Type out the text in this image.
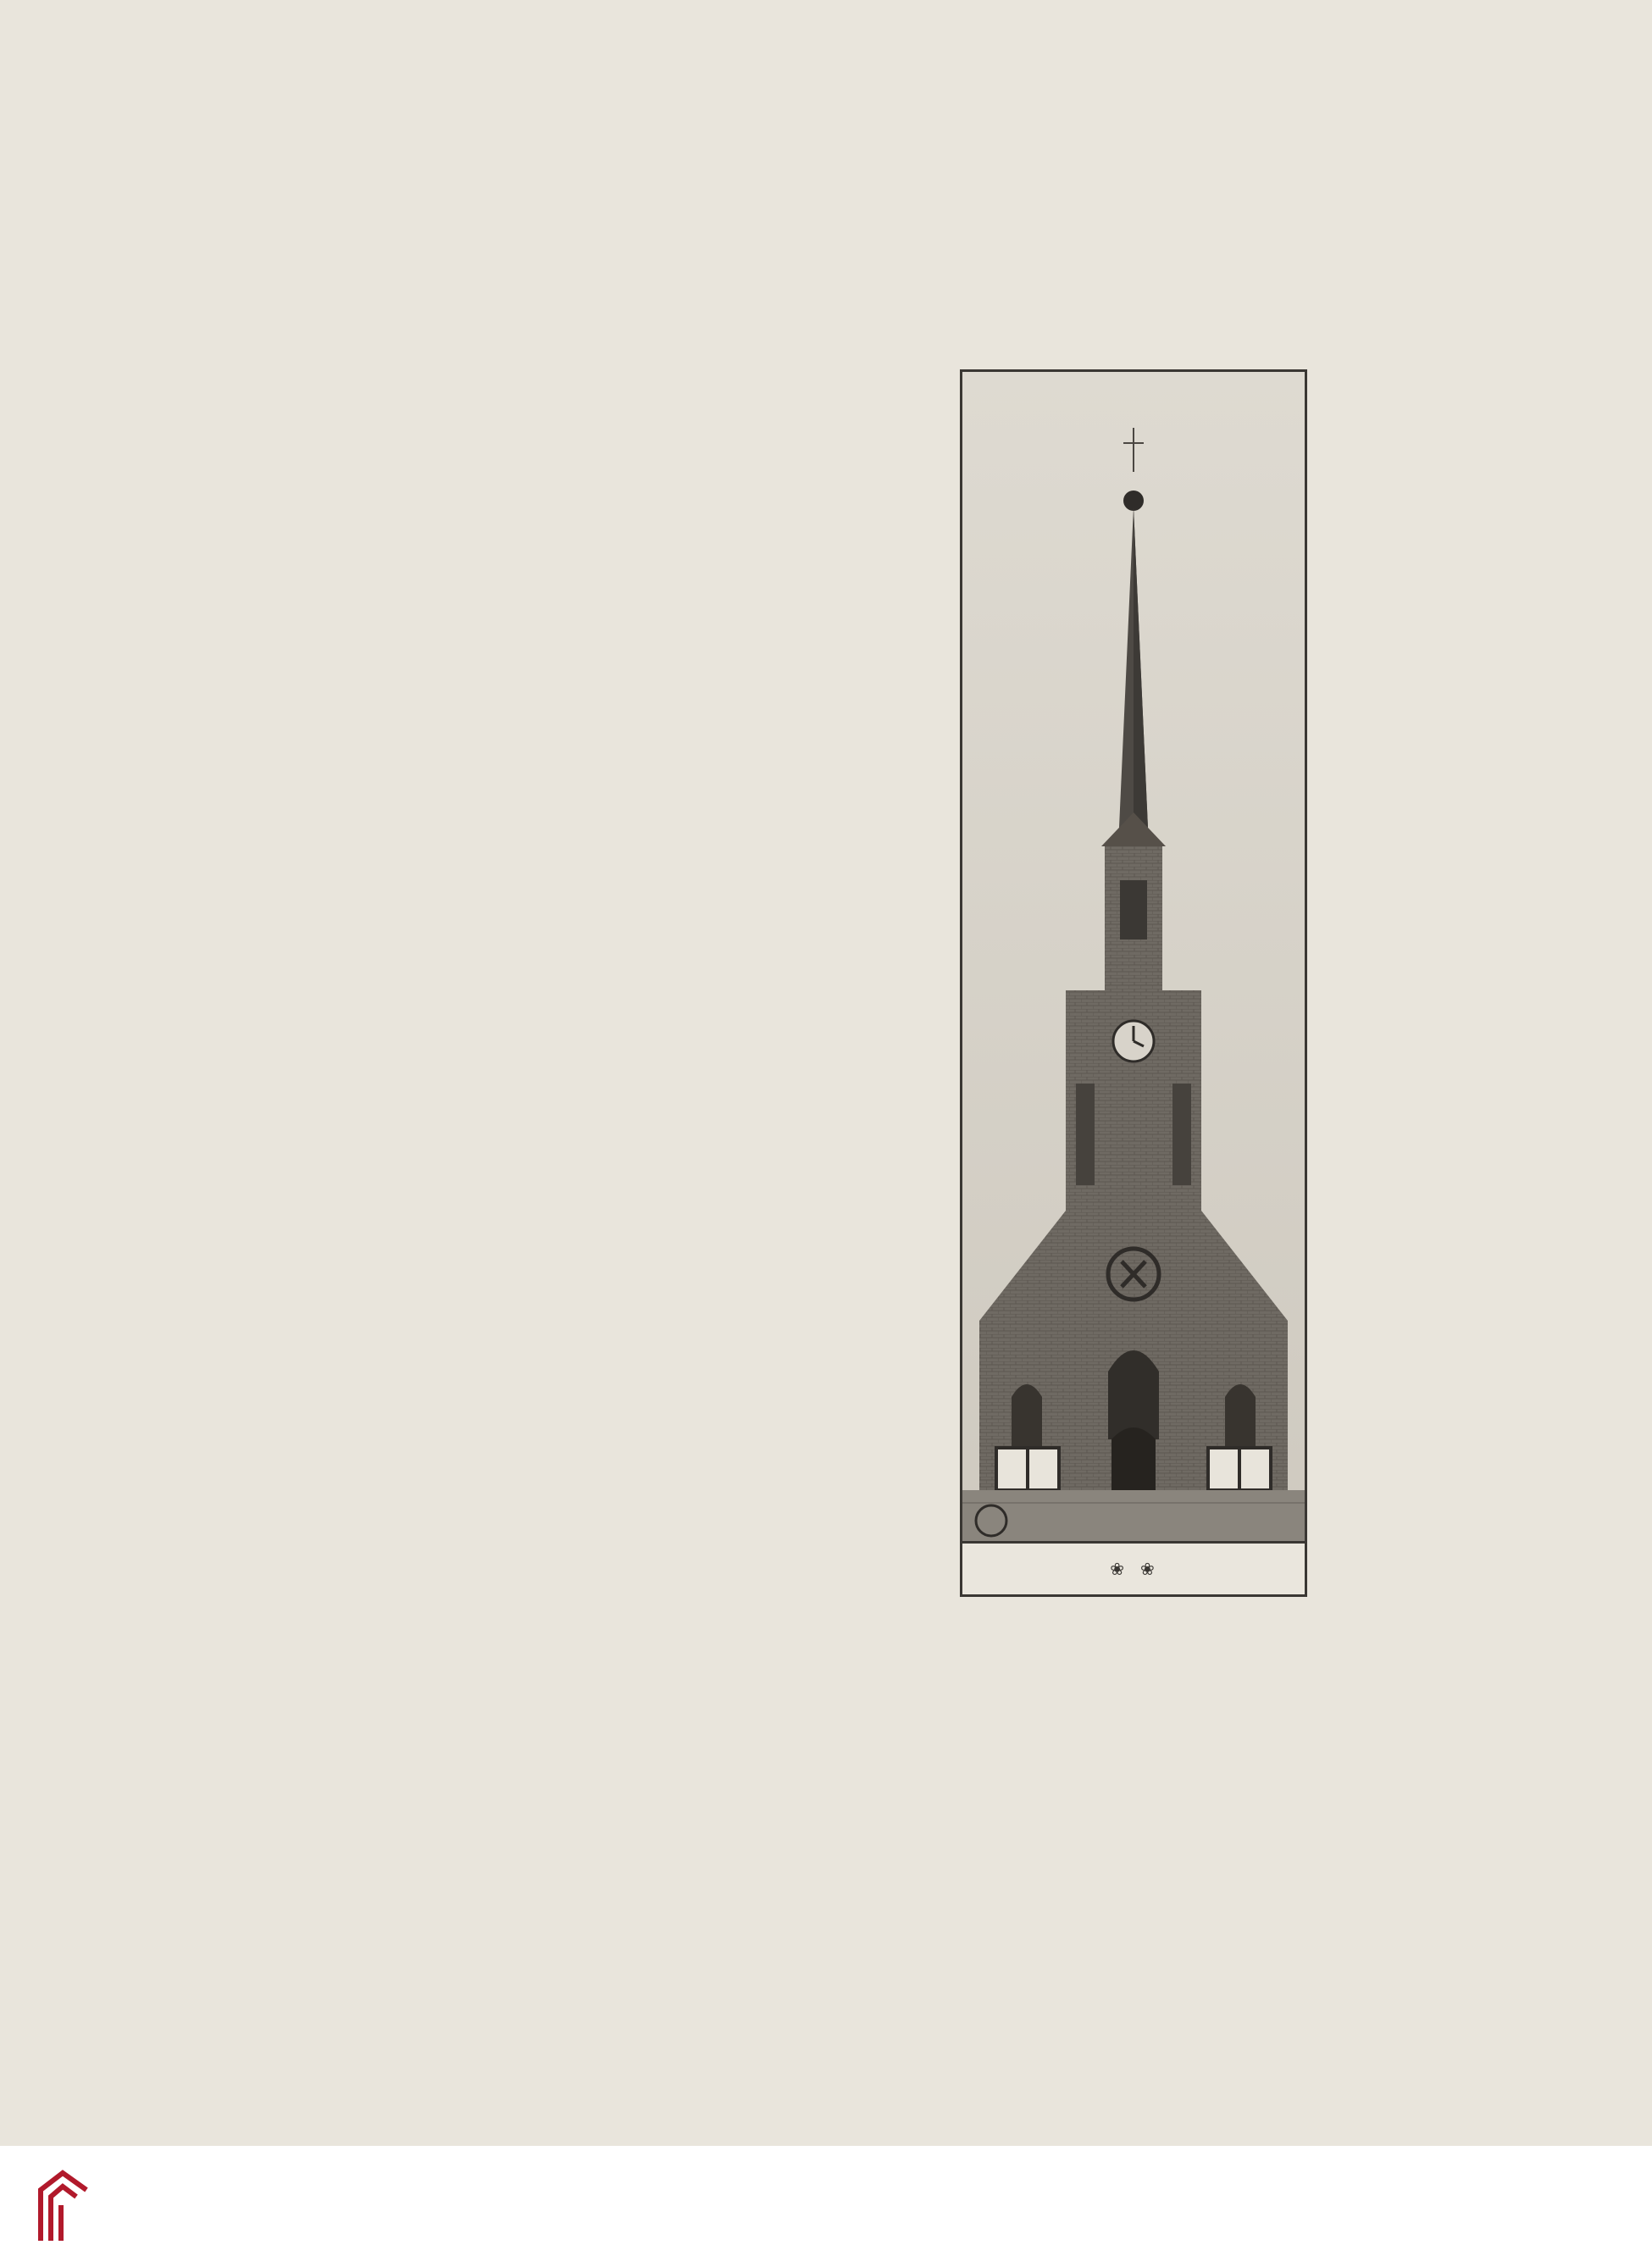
❀ ❀
